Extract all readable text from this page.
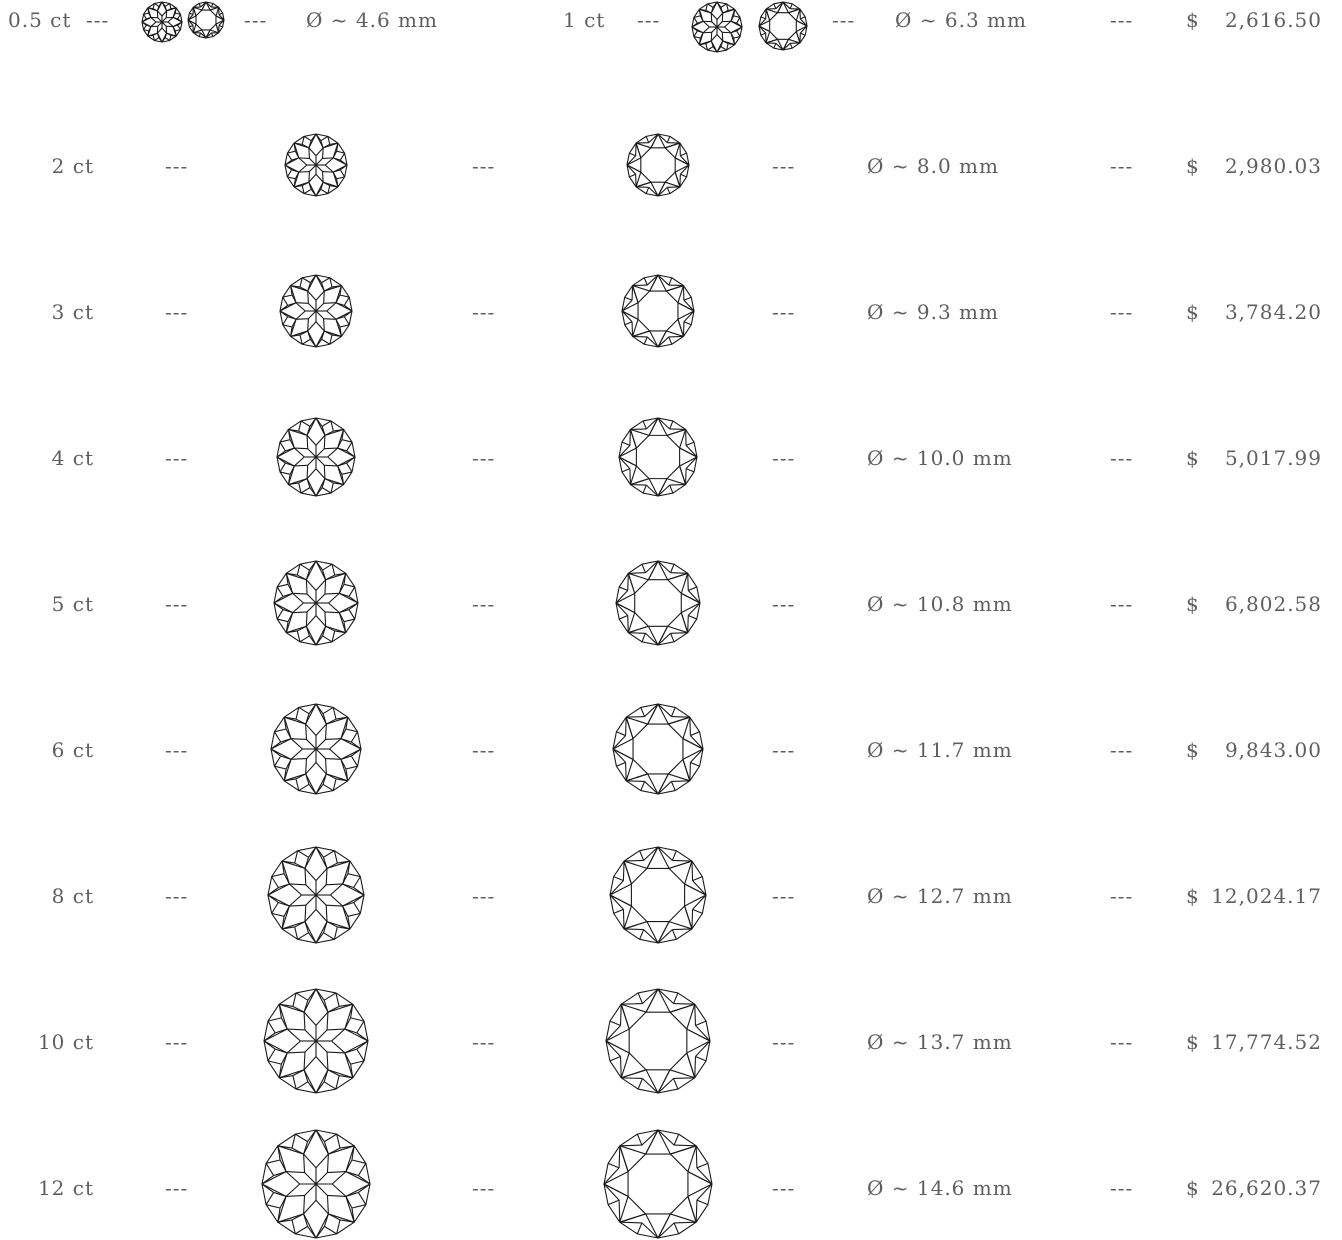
0.5 ct ---	--- Ø ~ 4.6 mm	1 ct ---	--- Ø ~ 6.3 mm	---	$ 2,616.50
2 ct	---	---	---	Ø ~ 8.0 mm	---	$ 2,980.03
3 ct	---	---	---	Ø ~ 9.3 mm	---	$ 3,784.20
4 ct	---	---	---	Ø ~ 10.0 mm	---	$ 5,017.99
5 ct	---	---	---	Ø ~ 10.8 mm	---	$ 6,802.58
6 ct	---	---	---	Ø ~ 11.7 mm	---	$ 9,843.00
8 ct	---	---	---	Ø ~ 12.7 mm	---	$ 12,024.17
10 ct	---	---	---	Ø ~ 13.7 mm	---	$ 17,774.52
12 ct	---	---	---	Ø ~ 14.6 mm	---	$ 26,620.37
